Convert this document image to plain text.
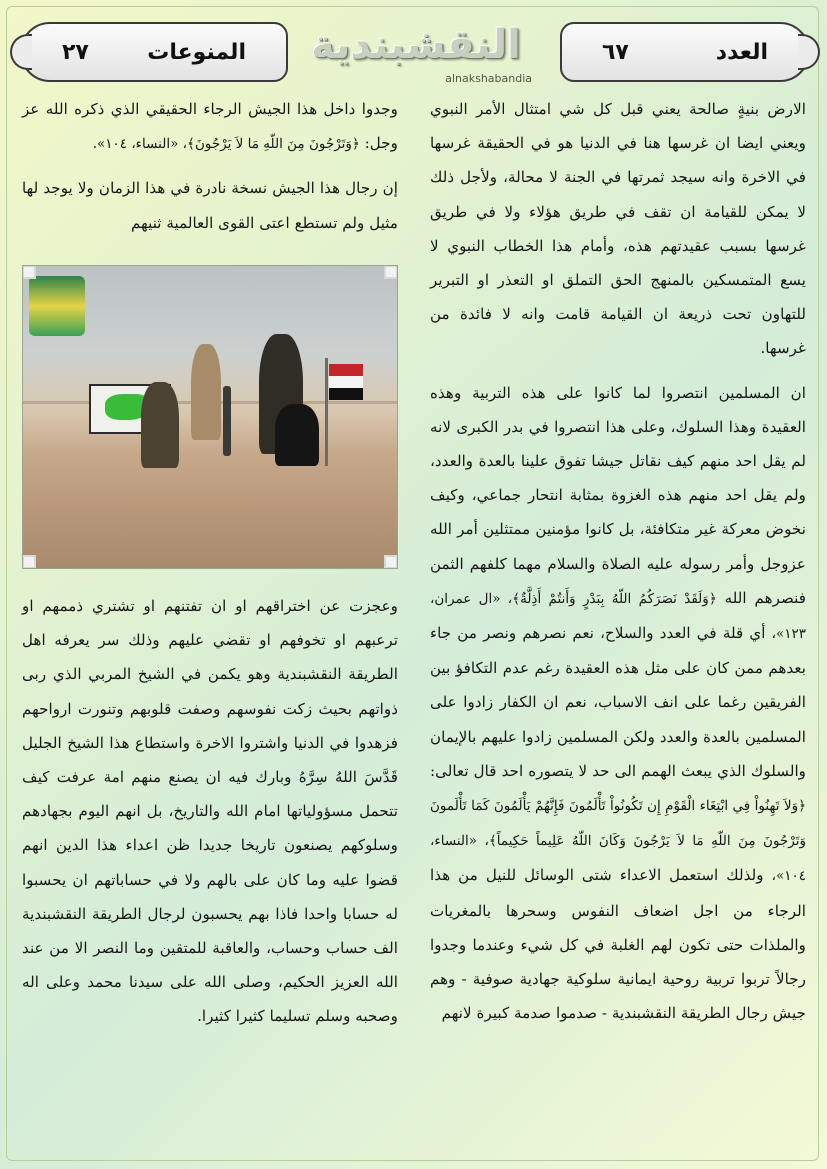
٢٧	المنوعات	النقشبندية
alnakshabandia
٦٧	العدد

الارض بنيةٍ صالحة يعني قبل كل شي امتثال الأمر النبوي ويعني ايضا ان غرسها هنا في الدنيا هو في الحقيقة غرسها في الاخرة وانه سيجد ثمرتها في الجنة لا محالة، ولأجل ذلك لا يمكن للقيامة ان تقف في طريق هؤلاء ولا في طريق غرسها بسبب عقيدتهم هذه، وأمام هذا الخطاب النبوي لا يسع المتمسكين بالمنهج الحق التملق او التعذر او التبرير للتهاون تحت ذريعة ان القيامة قامت وانه لا فائدة من غرسها.

ان المسلمين انتصروا لما كانوا على هذه التربية وهذه العقيدة وهذا السلوك، وعلى هذا انتصروا في بدر الكبرى لانه لم يقل احد منهم كيف نقاتل جيشا تفوق علينا بالعدة والعدد، ولم يقل احد منهم هذه الغزوة بمثابة انتحار جماعي، وكيف نخوض معركة غير متكافئة، بل كانوا مؤمنين ممتثلين أمر الله عزوجل وأمر رسوله عليه الصلاة والسلام مهما كلفهم الثمن فنصرهم الله ﴿وَلَقَدْ نَصَرَكُمُ اللّهُ بِبَدْرٍ وَأَنتُمْ أَذِلَّةٌ﴾، «ال عمران، ١٢٣»، أي قلة في العدد والسلاح، نعم نصرهم ونصر من جاء بعدهم ممن كان على مثل هذه العقيدة رغم عدم التكافؤ بين الفريقين رغما على انف الاسباب، نعم ان الكفار زادوا على المسلمين بالعدة والعدد ولكن المسلمين زادوا عليهم بالإيمان والسلوك الذي يبعث الهمم الى حد لا يتصوره احد قال تعالى: ﴿وَلاَ تَهِنُواْ فِي ابْتِغَاء الْقَوْمِ إِن تَكُونُواْ تَأْلَمُونَ فَإِنَّهُمْ يَأْلَمُونَ كَمَا تَأْلَمونَ وَتَرْجُونَ مِنَ اللّهِ مَا لاَ يَرْجُونَ وَكَانَ اللّهُ عَلِيماً حَكِيماً﴾، «النساء، ١٠٤»، ولذلك استعمل الاعداء شتى الوسائل للنيل من هذا الرجاء من اجل اضعاف النفوس وسحرها بالمغريات والملذات حتى تكون لهم الغلبة في كل شيء وعندما وجدوا رجالاً تربوا تربية روحية ايمانية سلوكية جهادية صوفية - وهم جيش رجال الطريقة النقشبندية - صدموا صدمة كبيرة لانهم

وجدوا داخل هذا الجيش الرجاء الحقيقي الذي ذكره الله عز وجل: ﴿وَتَرْجُونَ مِنَ اللّهِ مَا لاَ يَرْجُونَ﴾، «النساء، ١٠٤».

إن رجال هذا الجيش نسخة نادرة في هذا الزمان ولا يوجد لها مثيل ولم تستطع اعتى القوى العالمية ثنيهم

وعجزت عن اختراقهم او ان تفتنهم او تشتري ذممهم او ترعبهم او تخوفهم او تقضي عليهم وذلك سر يعرفه اهل الطريقة النقشبندية وهو يكمن في الشيخ المربي الذي ربى ذواتهم بحيث زكت نفوسهم وصفت قلوبهم وتنورت ارواحهم فزهدوا في الدنيا واشتروا الاخرة واستطاع هذا الشيخ الجليل قَدَّسَ اللهُ سِرَّهُ وبارك فيه ان يصنع منهم امة عرفت كيف تتحمل مسؤولياتها امام الله والتاريخ، بل انهم اليوم بجهادهم وسلوكهم يصنعون تاريخا جديدا ظن اعداء هذا الدين انهم قضوا عليه وما كان على بالهم ولا في حساباتهم ان يحسبوا له حسابا واحدا فاذا بهم يحسبون لرجال الطريقة النقشبندية الف حساب وحساب، والعاقبة للمتقين وما النصر الا من عند الله العزيز الحكيم، وصلى الله على سيدنا محمد وعلى اله وصحبه وسلم تسليما كثيرا كثيرا.
